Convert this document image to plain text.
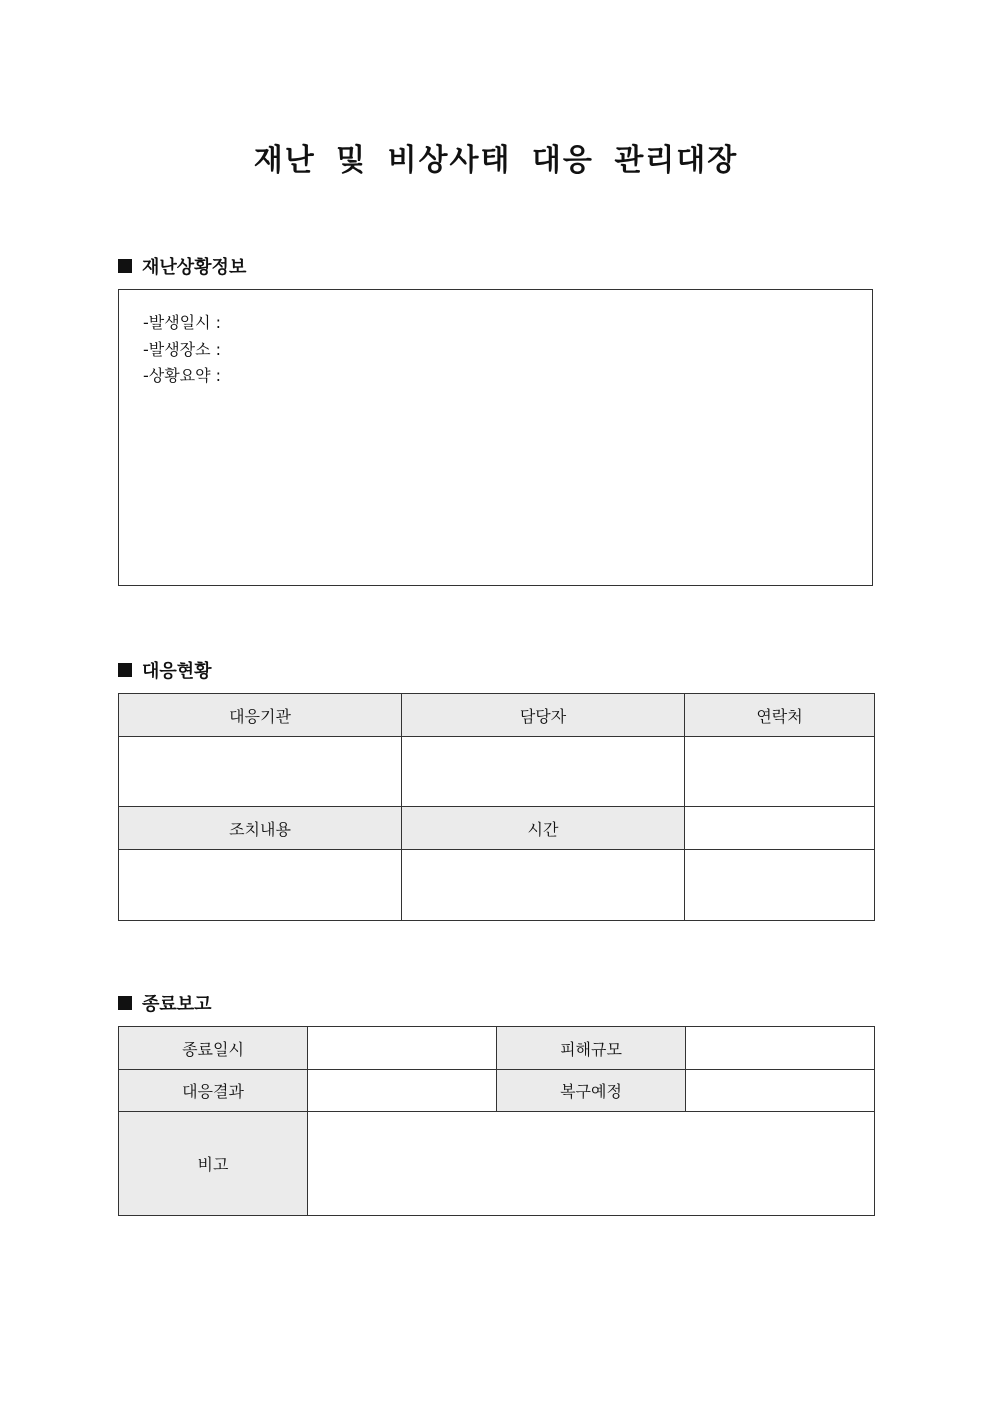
재난 및 비상사태 대응 관리대장
재난상황정보
-발생일시 :
-발생장소 :
-상황요약 :
대응현황
대응기관	담당자	연락처

조치내용	시간	

종료보고
종료일시		피해규모	
대응결과		복구예정	
비고			
